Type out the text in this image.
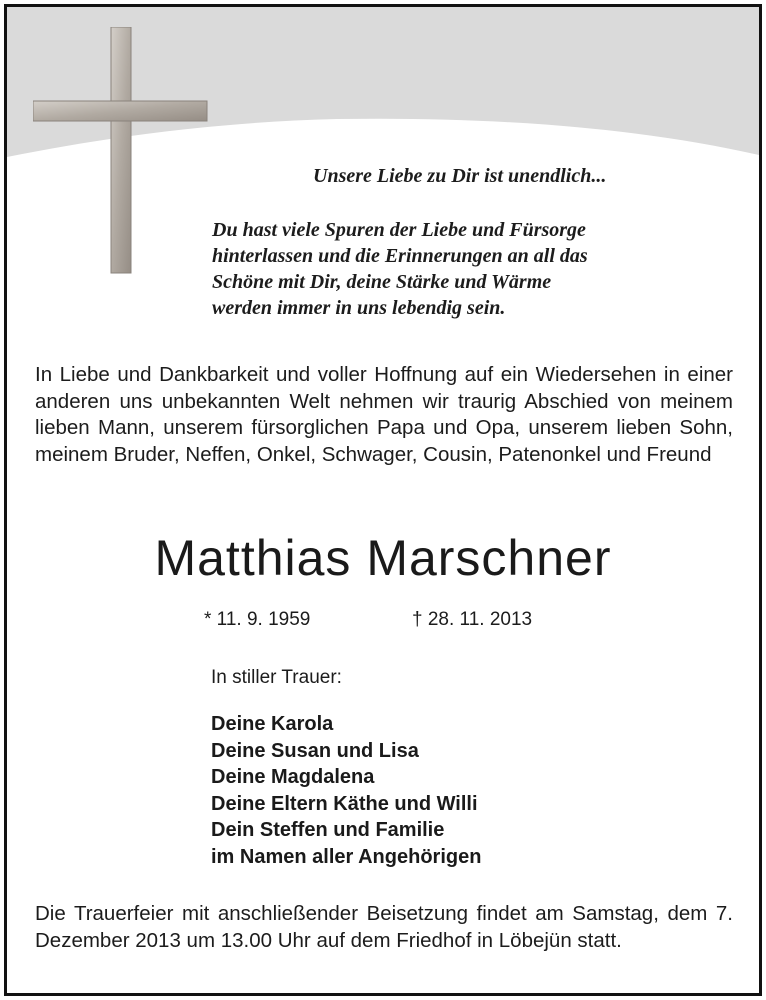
Unsere Liebe zu Dir ist unendlich...
Du hast viele Spuren der Liebe und Fürsorge
hinterlassen und die Erinnerungen an all das
Schöne mit Dir, deine Stärke und Wärme
werden immer in uns lebendig sein.
In Liebe und Dankbarkeit und voller Hoffnung auf ein Wiedersehen in einer anderen uns unbekannten Welt nehmen wir traurig Abschied von meinem lieben Mann, unserem fürsorglichen Papa und Opa, unserem lieben Sohn, meinem Bruder, Neffen, Onkel, Schwager, Cousin, Patenonkel und Freund
Matthias Marschner
* 11. 9. 1959	† 28. 11. 2013
In stiller Trauer:
Deine Karola
Deine Susan und Lisa
Deine Magdalena
Deine Eltern Käthe und Willi
Dein Steffen und Familie
im Namen aller Angehörigen
Die Trauerfeier mit anschließender Beisetzung findet am Samstag, dem 7. Dezember 2013 um 13.00 Uhr auf dem Friedhof in Löbejün statt.
